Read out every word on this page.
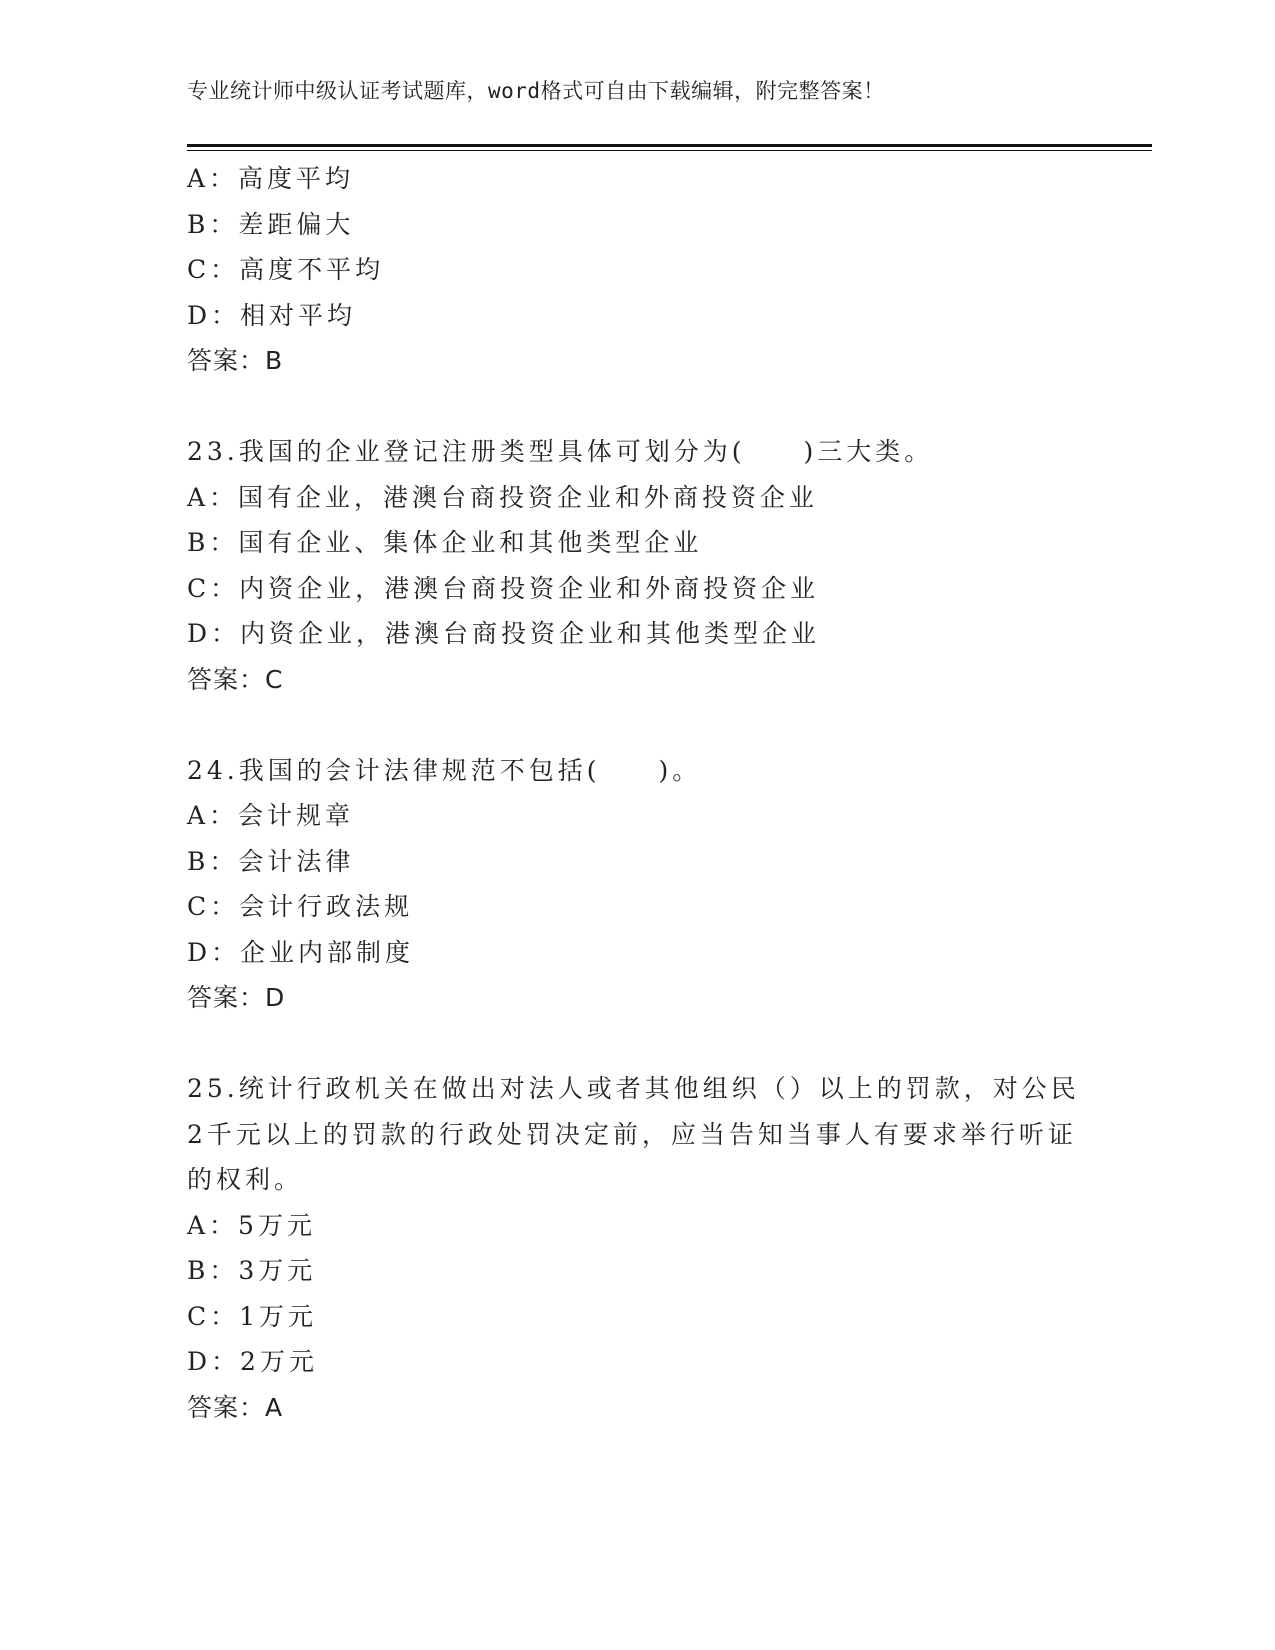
专业统计师中级认证考试题库，word格式可自由下载编辑，附完整答案！
A：高度平均
B：差距偏大
C：高度不平均
D：相对平均
答案：B
23.我国的企业登记注册类型具体可划分为(　　)三大类。
A：国有企业，港澳台商投资企业和外商投资企业
B：国有企业、集体企业和其他类型企业
C：内资企业，港澳台商投资企业和外商投资企业
D：内资企业，港澳台商投资企业和其他类型企业
答案：C
24.我国的会计法律规范不包括(　　)。
A：会计规章
B：会计法律
C：会计行政法规
D：企业内部制度
答案：D
25.统计行政机关在做出对法人或者其他组织（）以上的罚款，对公民
2千元以上的罚款的行政处罚决定前，应当告知当事人有要求举行听证
的权利。
A：5万元
B：3万元
C：1万元
D：2万元
答案：A
